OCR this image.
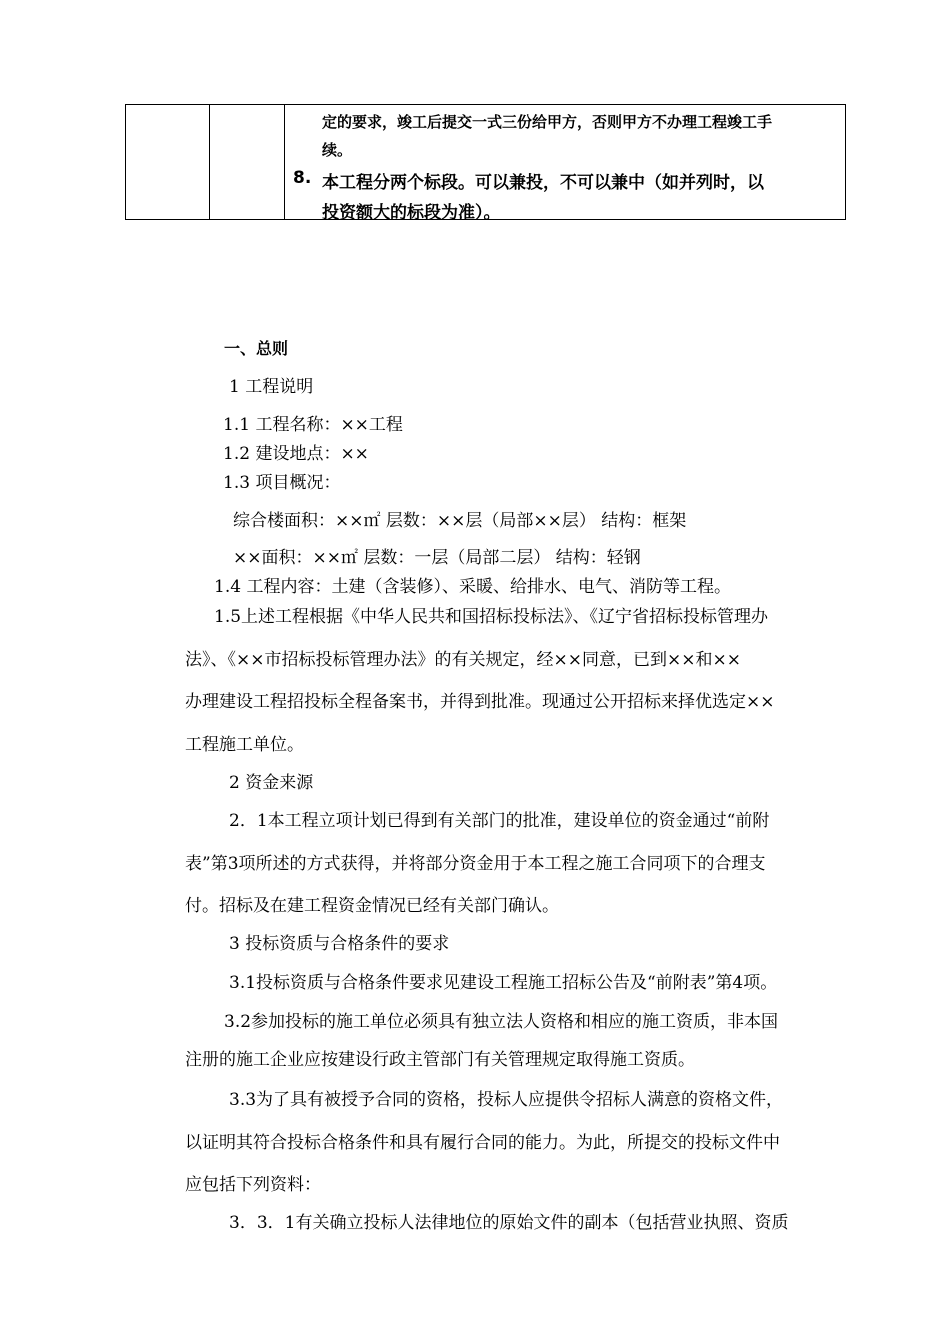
定的要求，竣工后提交一式三份给甲方，否则甲方不办理工程竣工手
续。
8. 本工程分两个标段。可以兼投，不可以兼中（如并列时，以
投资额大的标段为准）。
一、总则
1 工程说明
1.1 工程名称：××工程
1.2 建设地点：××
1.3 项目概况：
综合楼面积：××㎡ 层数：××层（局部××层） 结构：框架
××面积：××㎡ 层数：一层（局部二层） 结构：轻钢
1.4 工程内容：土建（含装修）、采暖、给排水、电气、消防等工程。
1.5上述工程根据《中华人民共和国招标投标法》、《辽宁省招标投标管理办
法》、《××市招标投标管理办法》的有关规定，经××同意，已到××和××
办理建设工程招投标全程备案书，并得到批准。现通过公开招标来择优选定××
工程施工单位。
2 资金来源
2．1本工程立项计划已得到有关部门的批准，建设单位的资金通过“前附
表”第3项所述的方式获得，并将部分资金用于本工程之施工合同项下的合理支
付。招标及在建工程资金情况已经有关部门确认。
3 投标资质与合格条件的要求
3.1投标资质与合格条件要求见建设工程施工招标公告及“前附表”第4项。
3.2参加投标的施工单位必须具有独立法人资格和相应的施工资质，非本国
注册的施工企业应按建设行政主管部门有关管理规定取得施工资质。
3.3为了具有被授予合同的资格，投标人应提供令招标人满意的资格文件，
以证明其符合投标合格条件和具有履行合同的能力。为此，所提交的投标文件中
应包括下列资料：
3．3．1有关确立投标人法律地位的原始文件的副本（包括营业执照、资质
